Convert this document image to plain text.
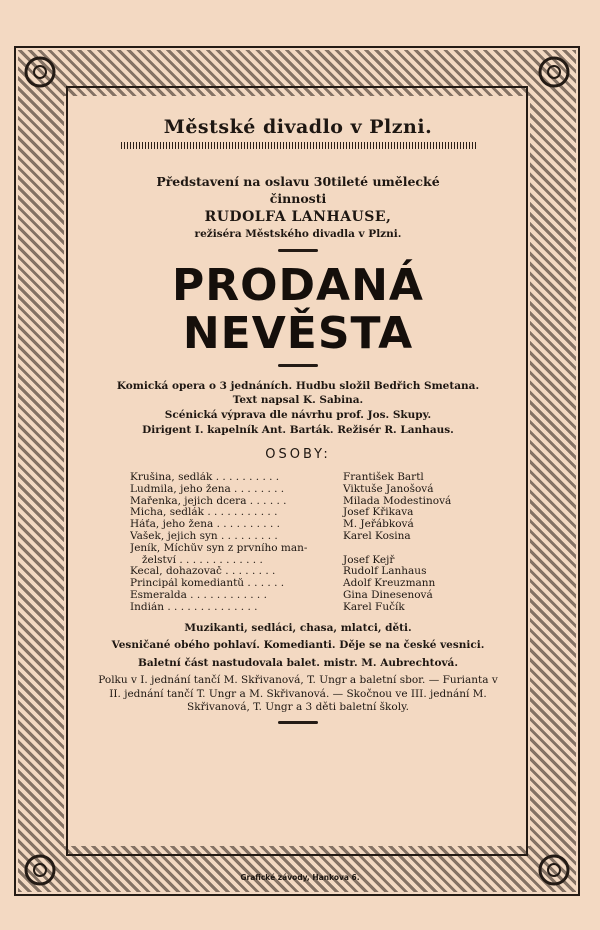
Městské divadlo v Plzni.
Představení na oslavu 30tileté umělecké
činnosti
RUDOLFA LANHAUSE,
režiséra Městského divadla v Plzni.
PRODANÁ
NEVĚSTA
Komická opera o 3 jednáních. Hudbu složil Bedřich Smetana. Text napsal K. Sabina.
Scénická výprava dle návrhu prof. Jos. Skupy.
Dirigent I. kapelník Ant. Barták. Režisér R. Lanhaus.
OSOBY:
Krušina, sedlák . . . . . . . . . .	František Bartl
Ludmila, jeho žena . . . . . . . .	Viktuše Janošová
Mařenka, jejich dcera . . . . . .	Milada Modestinová
Micha, sedlák . . . . . . . . . . .	Josef Křikava
Háťa, jeho žena . . . . . . . . . .	M. Jeřábková
Vašek, jejich syn . . . . . . . . .	Karel Kosina
Jeník, Míchův syn z prvního man-
želství . . . . . . . . . . . . .	Josef Kejř
Kecal, dohazovač . . . . . . . .	Rudolf Lanhaus
Principál komediantů . . . . . .	Adolf Kreuzmann
Esmeralda . . . . . . . . . . . .	Gina Dinesenová
Indián . . . . . . . . . . . . . .	Karel Fučík
Muzikanti, sedláci, chasa, mlatci, děti.
Vesničané obého pohlaví. Komedianti. Děje se na české vesnici.
Baletní část nastudovala balet. mistr. M. Aubrechtová.
Polku v I. jednání tančí M. Skřivanová, T. Ungr a baletní sbor. — Furianta v II. jednání tančí T. Ungr a M. Skřivanová. — Skočnou ve III. jednání M. Skřivanová, T. Ungr a 3 děti baletní školy.
Grafické závody, Hankova 6.
